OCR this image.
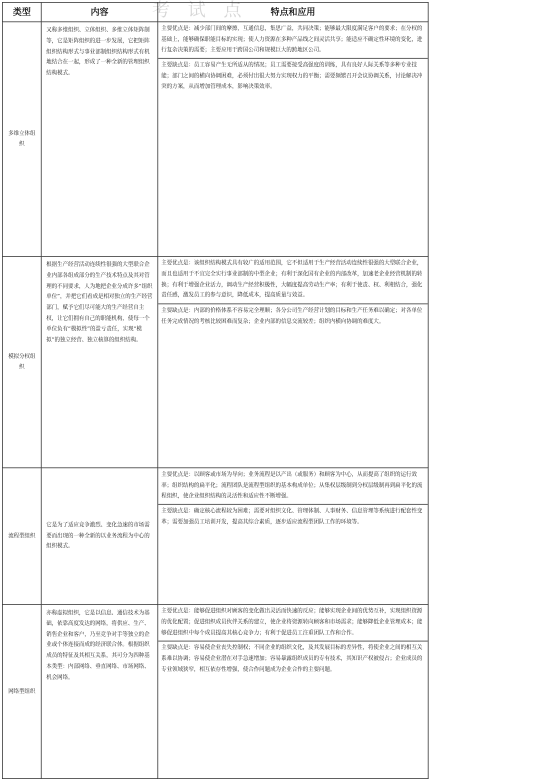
考 试 点
类型	内容	特点和应用
多维立体组织	又称多维组织、立体组织、多维立体矩阵制等，它是矩阵组织的进一步发展，它把矩阵组织结构形式与事业部制组织结构形式有机地结合在一起，形成了一种全新的管理组织结构模式。	主要优点是：减少部门间的摩擦，互通信息，集思广益，共同决策；能够最大限度满足客户的要求；在分权的基础上，能够确保职能目标的实现；使人力资源在多种产品线之间灵活共享；能适应不确定性环境的变化，进行复杂决策的需要；主要应用于跨国公司和规模巨大的跨地区公司。

主要缺点是：员工容易产生无所适从的情况；员工需要接受高强度的训练，具有良好人际关系等多种专业技能；部门之间的横向协调困难，必须付出很大努力实现权力的平衡；需要频繁召开会议协调关系，讨论解决冲突的方案，从而增加管理成本，影响决策效率。

模拟分权组织	根据生产经营活动连续性很强的大型联合企业内部各组成部分的生产技术特点及其对管理的不同要求，人为地把企业分成许多“组织单位”，并把它们看成是相对独立的生产经营部门，赋予它们尽可能大的生产经营自主权，让它们拥有自己的职能机构，使每一个单位负有“模拟性”的盈亏责任，实现“模拟”的独立经营、独立核算的组织结构。	主要优点是：该组织结构模式具有较广的适用范围，它不但适用于生产经营活动连续性很强的大型联合企业，而且也适用于不宜完全实行事业部制的中型企业；有利于深化国有企业的内部改革，加速老企业经营机制的转换；有利于增强企业活力，调动生产经营积极性，大幅度提高劳动生产率；有利于使责、权、利相结合，强化责任感，激发员工的参与意识，降低成本，提高质量与效益。

主要缺点是：内部的价格体系不容易完全理顺；各分公司生产经营计划的目标和生产任务难以确定；对各单位任务完成情况的考核比较困难而复杂；企业内部的信息交流较差；组织内横向协调的难度大。

流程型组织	它是为了适应竞争激烈、变化急速的市场需要而出现的一种全新的以业务流程为中心的组织模式。	主要优点是：以顾客或市场为导向；业务流程是以产出（或服务）和顾客为中心，从而提高了组织的运行效率；组织结构的扁平化；流程团队是流程型组织的基本构成单位；从集权层级制到分权层级制再到扁平化的流程组织，使企业组织结构的灵活性和适应性不断增强。

主要缺点是：确定核心流程较为困难；需要对组织文化、管理体制、人事财务、信息管理等系统进行配套性变革；需要加强员工培训开发，提高其综合素质，逐步适应流程型团队工作的环境等。

网络型组织	亦称虚拟组织，它是以信息、通信技术为基础，依靠高度发达的网络，将供应、生产、销售企业和客户，乃至竞争对手等独立的企业或个体连接而成的经济联合体。根据组织成员的特征及其相互关系，其可分为四种基本类型：内部网络、垂直网络、市场网络、机会网络。	主要优点是：能够促进组织对顾客的变化做出灵活而快速的反应；能够实现企业间的优势互补，实现组织资源的优化配置；促进组织成员伙伴关系的建立，使企业将资源转向顾客和市场需求；能够降低企业管理成本；能够促进组织中每个成员提高其核心竞争力；有利于促进员工注重团队工作和合作。

主要缺点是：容易使企业丧失控制权；不同企业的组织文化，及其发展目标的差异性，将使企业之间的相互关系难以协调；容易使企业潜在对手急速增加；容易暴露组织成员的专有技术，其知识产权被侵占；企业成员的专业领域狭窄，相互依存性增强，使合作问题成为企业合作的主要问题。
